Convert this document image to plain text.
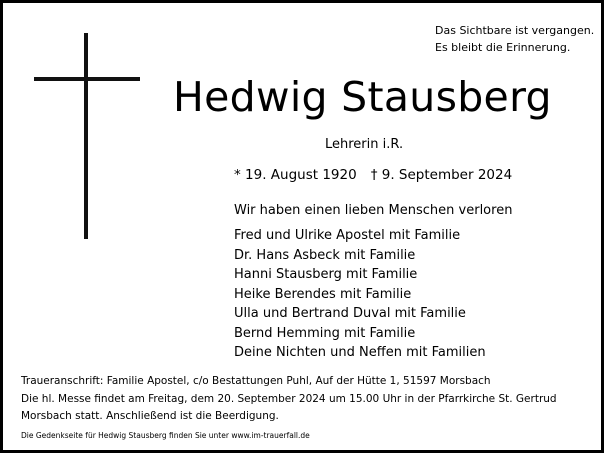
Das Sichtbare ist vergangen.
Es bleibt die Erinnerung.
Hedwig Stausberg
Lehrerin i.R.
* 19. August 1920 † 9. September 2024
Wir haben einen lieben Menschen verloren
Fred und Ulrike Apostel mit Familie
Dr. Hans Asbeck mit Familie
Hanni Stausberg mit Familie
Heike Berendes mit Familie
Ulla und Bertrand Duval mit Familie
Bernd Hemming mit Familie
Deine Nichten und Neffen mit Familien
Traueranschrift: Familie Apostel, c/o Bestattungen Puhl, Auf der Hütte 1, 51597 Morsbach
Die hl. Messe findet am Freitag, dem 20. September 2024 um 15.00 Uhr in der Pfarrkirche St. Gertrud
Morsbach statt. Anschließend ist die Beerdigung.
Die Gedenkseite für Hedwig Stausberg finden Sie unter www.im-trauerfall.de
